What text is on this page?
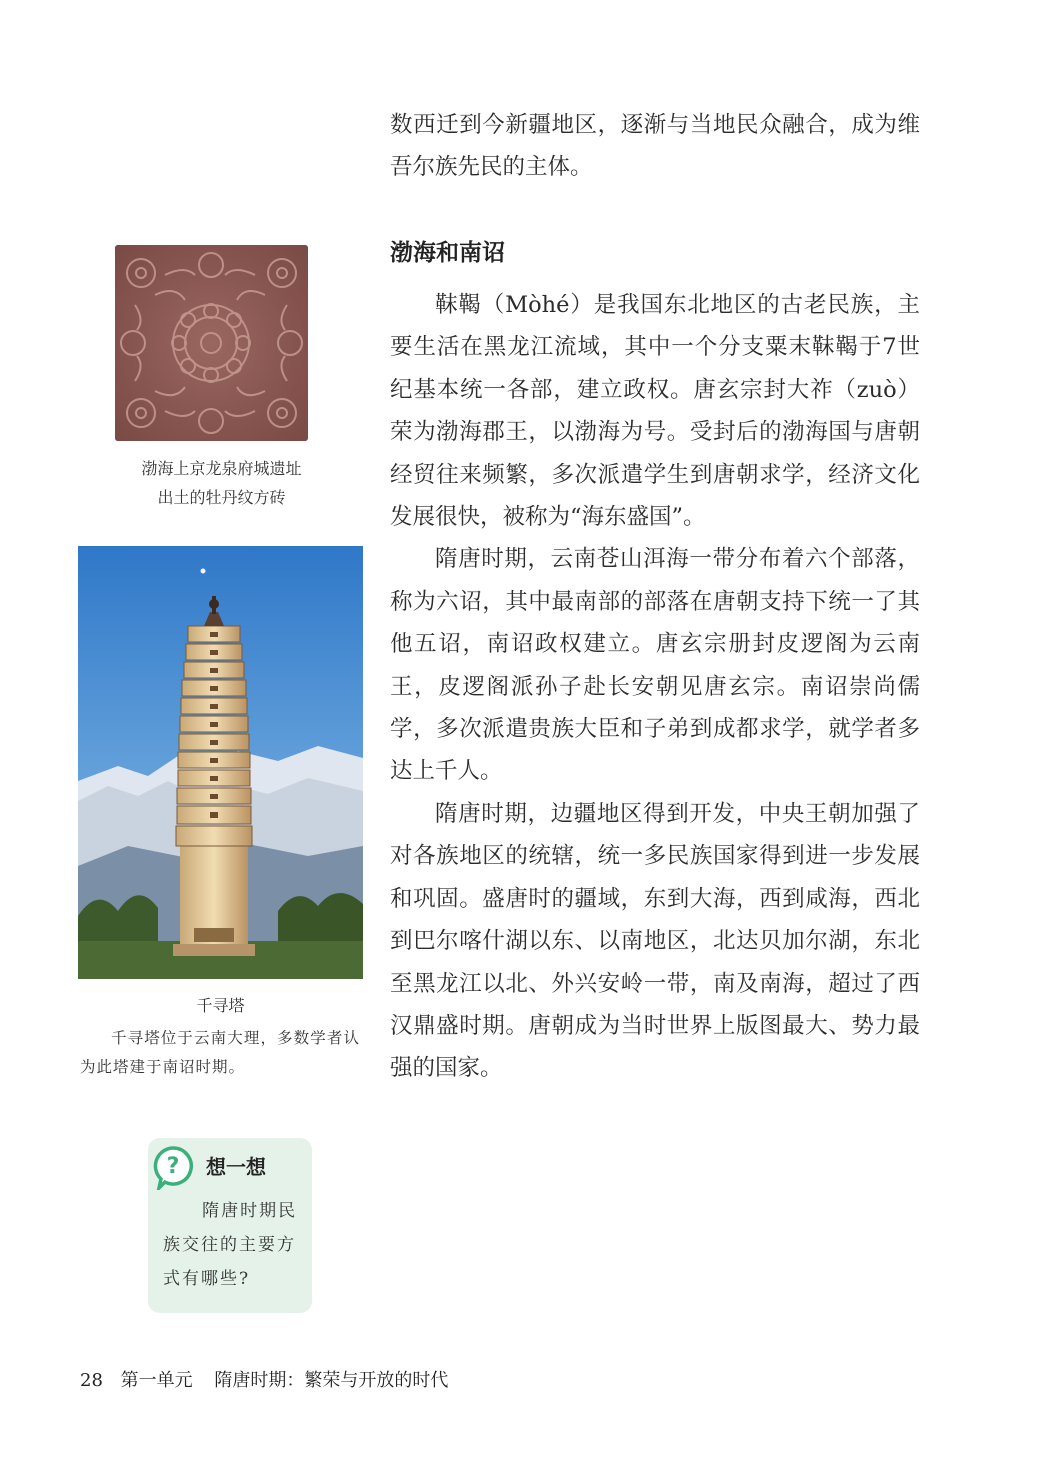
数西迁到今新疆地区，逐渐与当地民众融合，成为维吾尔族先民的主体。

渤海和南诏

靺鞨（Mòhé）是我国东北地区的古老民族，主要生活在黑龙江流域，其中一个分支粟末靺鞨于7世纪基本统一各部，建立政权。唐玄宗封大祚（zuò）荣为渤海郡王，以渤海为号。受封后的渤海国与唐朝经贸往来频繁，多次派遣学生到唐朝求学，经济文化发展很快，被称为“海东盛国”。

隋唐时期，云南苍山洱海一带分布着六个部落，称为六诏，其中最南部的部落在唐朝支持下统一了其他五诏，南诏政权建立。唐玄宗册封皮逻阁为云南王，皮逻阁派孙子赴长安朝见唐玄宗。南诏崇尚儒学，多次派遣贵族大臣和子弟到成都求学，就学者多达上千人。

隋唐时期，边疆地区得到开发，中央王朝加强了对各族地区的统辖，统一多民族国家得到进一步发展和巩固。盛唐时的疆域，东到大海，西到咸海，西北到巴尔喀什湖以东、以南地区，北达贝加尔湖，东北至黑龙江以北、外兴安岭一带，南及南海，超过了西汉鼎盛时期。唐朝成为当时世界上版图最大、势力最强的国家。

渤海上京龙泉府城遗址
出土的牡丹纹方砖
千寻塔
千寻塔位于云南大理，多数学者认为此塔建于南诏时期。
? 想一想
隋唐时期民族交往的主要方式有哪些?
28 第一单元 隋唐时期：繁荣与开放的时代
